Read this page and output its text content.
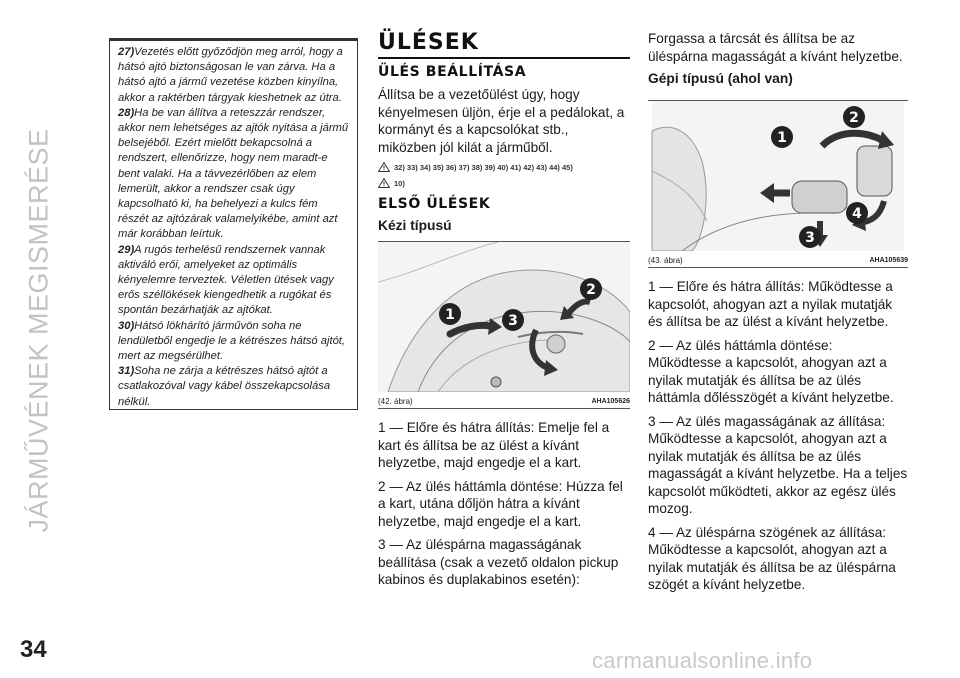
JÁRMŰVÉNEK MEGISMERÉSE

27)Vezetés előtt győződjön meg arról, hogy a hátsó ajtó biztonságosan le van zárva. Ha a hátsó ajtó a jármű vezetése közben kinyílna, akkor a raktérben tárgyak kieshetnek az útra.

28)Ha be van állítva a reteszzár rendszer, akkor nem lehetséges az ajtók nyitása a jármű belsejéből. Ezért mielőtt bekapcsolná a rendszert, ellenőrizze, hogy nem maradt-e bent valaki. Ha a távvezérlőben az elem lemerült, akkor a rendszer csak úgy kapcsolható ki, ha behelyezi a kulcs fém részét az ajtózárak valamelyikébe, amint azt már korábban leírtuk.

29)A rugós terhelésű rendszernek vannak aktiváló erői, amelyeket az optimális kényelemre terveztek. Véletlen ütések vagy erős széllökések kiengedhetik a rugókat és spontán bezárhatják az ajtókat.

30)Hátsó lökhárító járművön soha ne lendületből engedje le a kétrészes hátsó ajtót, mert az megsérülhet.

31)Soha ne zárja a kétrészes hátsó ajtót a csatlakozóval vagy kábel összekapcsolása nélkül.

ÜLÉSEK
ÜLÉS BEÁLLÍTÁSA

Állítsa be a vezetőülést úgy, hogy kényelmesen üljön, érje el a pedálokat, a kormányt és a kapcsolókat stb., miközben jól kilát a járműből.

32) 33) 34) 35) 36) 37) 38) 39) 40) 41) 42) 43) 44) 45)
10)
ELSŐ ÜLÉSEK
Kézi típusú
1
2
3
(42. ábra)	AHA105626

1 — Előre és hátra állítás: Emelje fel a kart és állítsa be az ülést a kívánt helyzetbe, majd engedje el a kart.

2 — Az ülés háttámla döntése: Húzza fel a kart, utána dőljön hátra a kívánt helyzetbe, majd engedje el a kart.

3 — Az üléspárna magasságának beállítása (csak a vezető oldalon pickup kabinos és duplakabinos esetén):

Forgassa a tárcsát és állítsa be az üléspárna magasságát a kívánt helyzetbe.

Gépi típusú (ahol van)
1
2
3
4
(43. ábra)	AHA105639

1 — Előre és hátra állítás: Működtesse a kapcsolót, ahogyan azt a nyilak mutatják és állítsa be az ülést a kívánt helyzetbe.

2 — Az ülés háttámla döntése: Működtesse a kapcsolót, ahogyan azt a nyilak mutatják és állítsa be az ülés háttámla dőlésszögét a kívánt helyzetbe.

3 — Az ülés magasságának az állítása: Működtesse a kapcsolót, ahogyan azt a nyilak mutatják és állítsa be az ülés magasságát a kívánt helyzetbe. Ha a teljes kapcsolót működteti, akkor az egész ülés mozog.

4 — Az üléspárna szögének az állítása: Működtesse a kapcsolót, ahogyan azt a nyilak mutatják és állítsa be az üléspárna szögét a kívánt helyzetbe.

34	carmanualsonline.info
